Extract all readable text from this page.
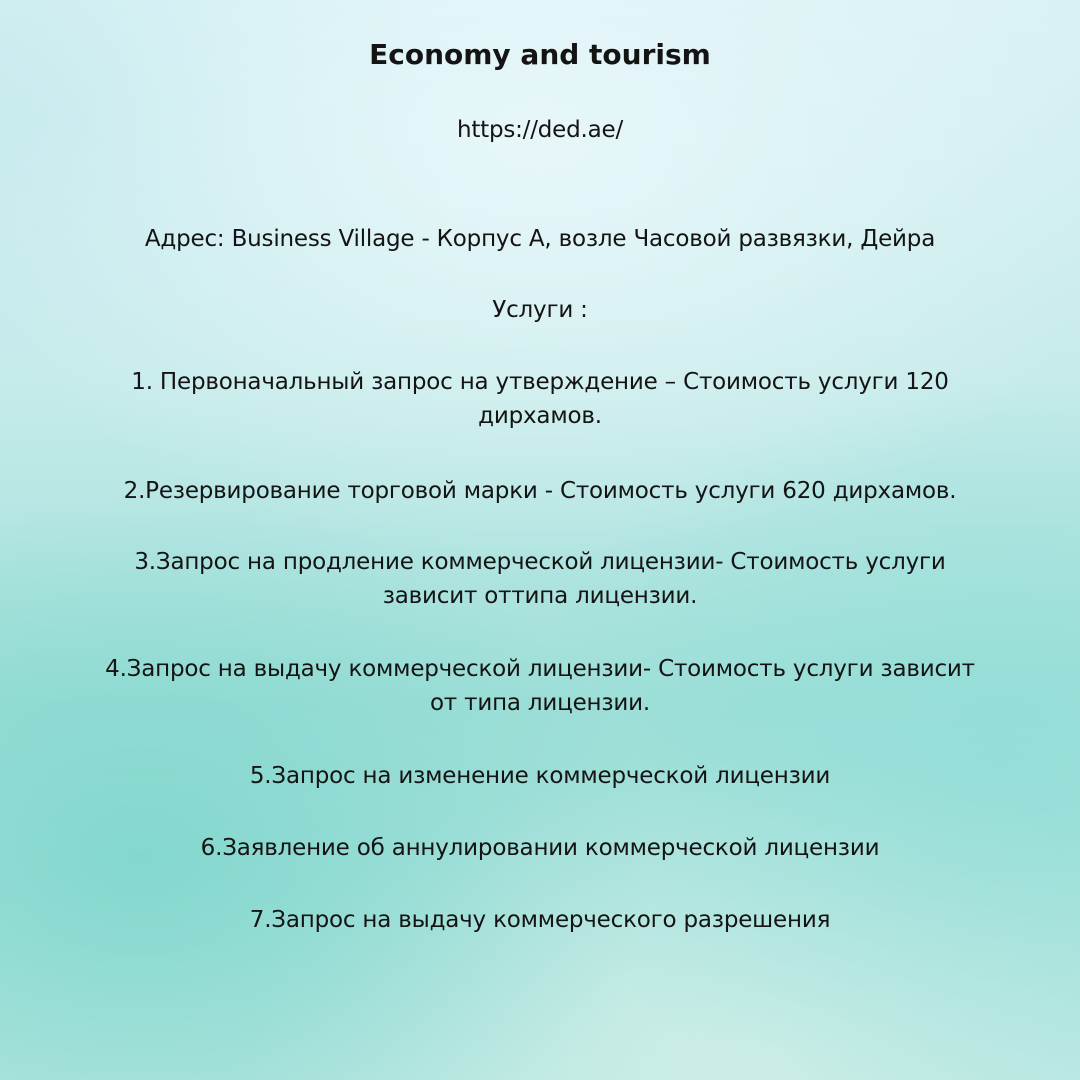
Economy and tourism

https://ded.ae/

Адрес: Business Village - Корпус А, возле Часовой развязки, Дейра

Услуги :

1. Первоначальный запрос на утверждение – Стоимость услуги 120
дирхамов.
2.Резервирование торговой марки - Стоимость услуги 620 дирхамов.
3.Запрос на продление коммерческой лицензии- Стоимость услуги
зависит оттипа лицензии.
4.Запрос на выдачу коммерческой лицензии- Стоимость услуги зависит
от типа лицензии.
5.Запрос на изменение коммерческой лицензии
6.Заявление об аннулировании коммерческой лицензии
7.Запрос на выдачу коммерческого разрешения
